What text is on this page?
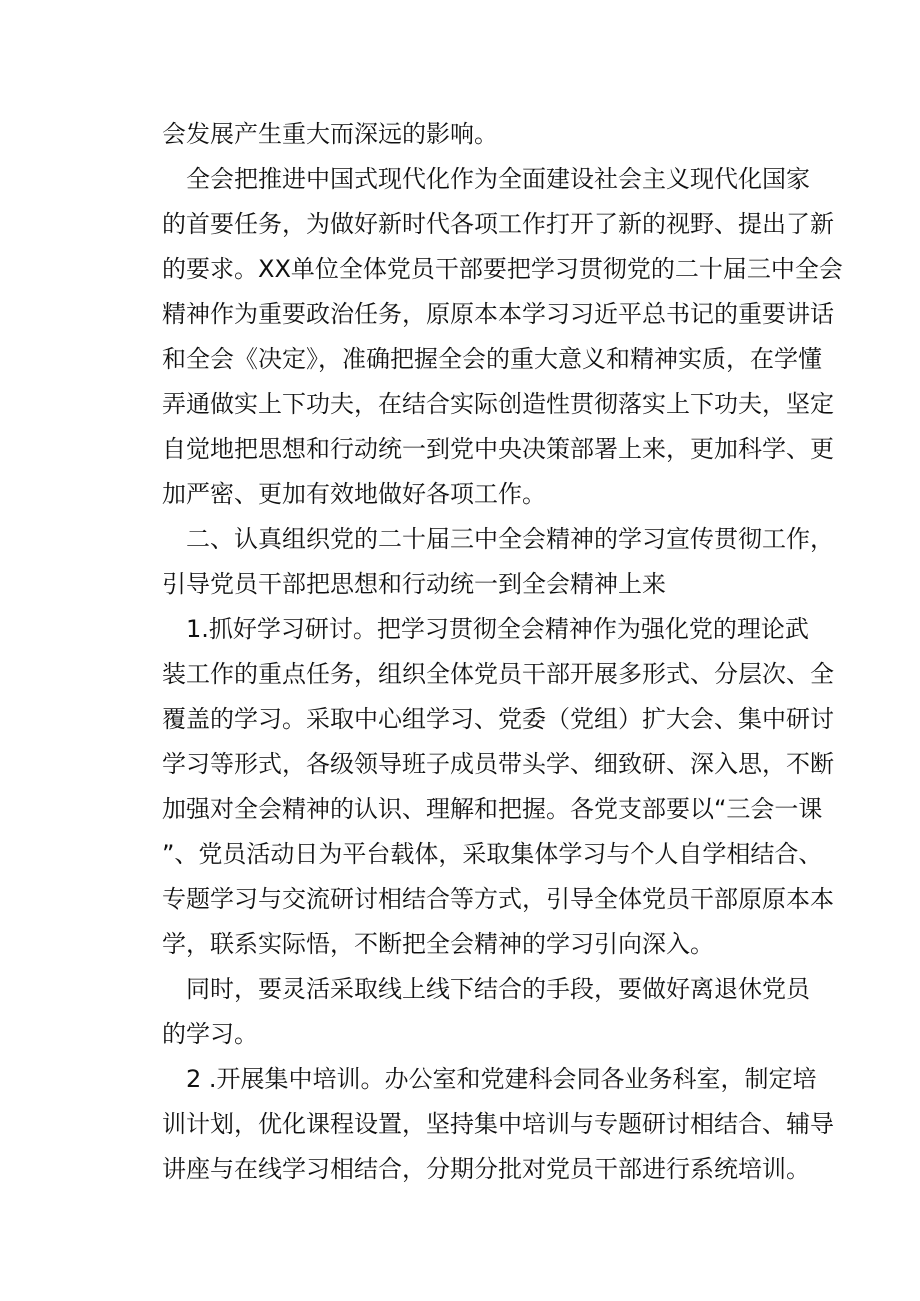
会发展产生重大而深远的影响。
全会把推进中国式现代化作为全面建设社会主义现代化国家
的首要任务，为做好新时代各项工作打开了新的视野、提出了新
的要求。XX单位全体党员干部要把学习贯彻党的二十届三中全会
精神作为重要政治任务，原原本本学习习近平总书记的重要讲话
和全会《决定》，准确把握全会的重大意义和精神实质，在学懂
弄通做实上下功夫，在结合实际创造性贯彻落实上下功夫，坚定
自觉地把思想和行动统一到党中央决策部署上来，更加科学、更
加严密、更加有效地做好各项工作。
二、认真组织党的二十届三中全会精神的学习宣传贯彻工作，
引导党员干部把思想和行动统一到全会精神上来
1.抓好学习研讨。把学习贯彻全会精神作为强化党的理论武
装工作的重点任务，组织全体党员干部开展多形式、分层次、全
覆盖的学习。采取中心组学习、党委（党组）扩大会、集中研讨
学习等形式，各级领导班子成员带头学、细致研、深入思，不断
加强对全会精神的认识、理解和把握。各党支部要以“三会一课
”、党员活动日为平台载体，采取集体学习与个人自学相结合、
专题学习与交流研讨相结合等方式，引导全体党员干部原原本本
学，联系实际悟，不断把全会精神的学习引向深入。
同时，要灵活采取线上线下结合的手段，要做好离退休党员
的学习。
2 .开展集中培训。办公室和党建科会同各业务科室，制定培
训计划，优化课程设置，坚持集中培训与专题研讨相结合、辅导
讲座与在线学习相结合，分期分批对党员干部进行系统培训。
